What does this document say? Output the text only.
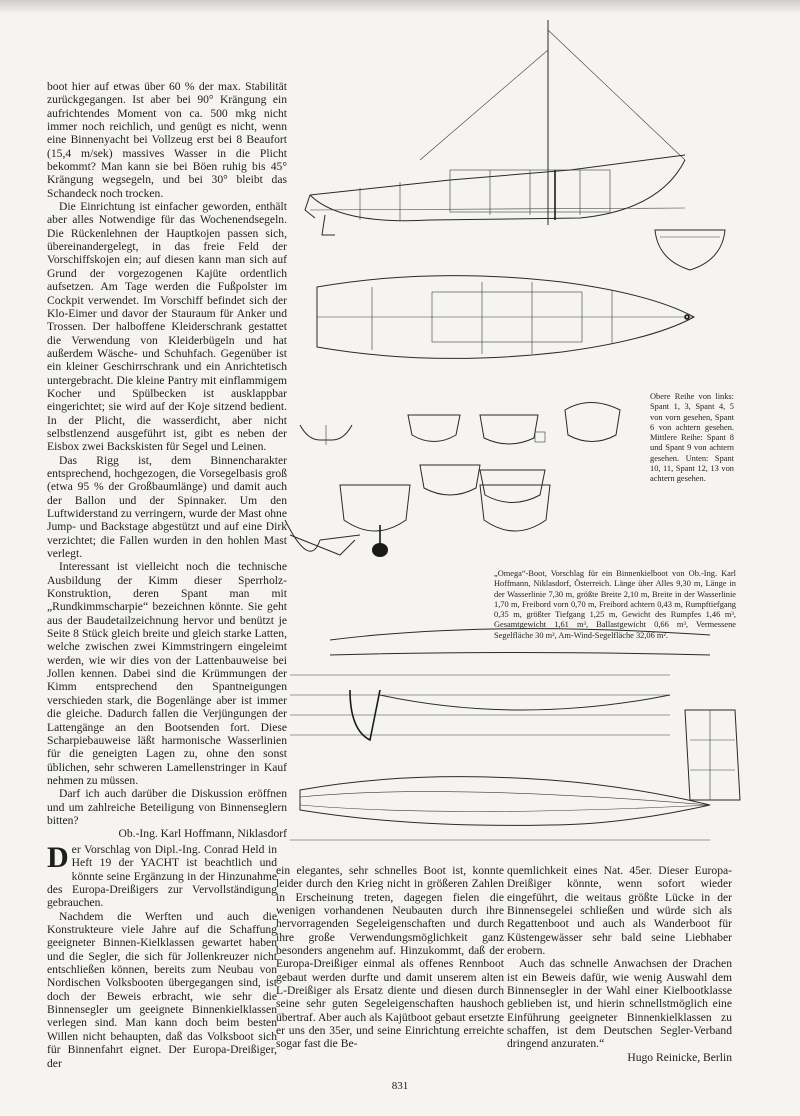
boot hier auf etwas über 60 % der max. Stabilität zurückgegangen. Ist aber bei 90° Krängung ein aufrichtendes Moment von ca. 500 mkg nicht immer noch reichlich, und genügt es nicht, wenn eine Binnenyacht bei Vollzeug erst bei 8 Beaufort (15,4 m/sek) massives Wasser in die Plicht bekommt? Man kann sie bei Böen ruhig bis 45° Krängung wegsegeln, und bei 30° bleibt das Schandeck noch trocken.

Die Einrichtung ist einfacher geworden, enthält aber alles Notwendige für das Wochenendsegeln. Die Rückenlehnen der Hauptkojen passen sich, übereinandergelegt, in das freie Feld der Vorschiffskojen ein; auf diesen kann man sich auf Grund der vorgezogenen Kajüte ordentlich aufsetzen. Am Tage werden die Fußpolster im Cockpit verwendet. Im Vorschiff befindet sich der Klo-Eimer und davor der Stauraum für Anker und Trossen. Der halboffene Kleiderschrank gestattet die Verwendung von Kleiderbügeln und hat außerdem Wäsche- und Schuhfach. Gegenüber ist ein kleiner Geschirrschrank und ein Anrichtetisch untergebracht. Die kleine Pantry mit einflammigem Kocher und Spülbecken ist ausklappbar eingerichtet; sie wird auf der Koje sitzend bedient. In der Plicht, die wasserdicht, aber nicht selbstlenzend ausgeführt ist, gibt es neben der Eisbox zwei Backskisten für Segel und Leinen.

Das Rigg ist, dem Binnencharakter entsprechend, hochgezogen, die Vorsegelbasis groß (etwa 95 % der Großbaumlänge) und damit auch der Ballon und der Spinnaker. Um den Luftwiderstand zu verringern, wurde der Mast ohne Jump- und Backstage abgestützt und auf eine Dirk verzichtet; die Fallen wurden in den hohlen Mast verlegt.

Interessant ist vielleicht noch die technische Ausbildung der Kimm dieser Sperrholz-Konstruktion, deren Spant man mit „Rundkimmscharpie“ bezeichnen könnte. Sie geht aus der Baudetailzeichnung hervor und benützt je Seite 8 Stück gleich breite und gleich starke Latten, welche zwischen zwei Kimmstringern eingeleimt werden, wie wir dies von der Lattenbauweise bei Jollen kennen. Dabei sind die Krümmungen der Kimm entsprechend den Spantneigungen verschieden stark, die Bogenlänge aber ist immer die gleiche. Dadurch fallen die Verjüngungen der Lattengänge an den Bootsenden fort. Diese Scharpiebauweise läßt harmonische Wasserlinien für die geneigten Lagen zu, ohne den sonst üblichen, sehr schweren Lamellenstringer in Kauf nehmen zu müssen.

Darf ich auch darüber die Diskussion eröffnen und um zahlreiche Beteiligung von Binnenseglern bitten?

Ob.-Ing. Karl Hoffmann, Niklasdorf

Obere Reihe von links: Spant 1, 3, Spant 4, 5 von vorn gesehen, Spant 6 von achtern gesehen. Mittlere Reihe: Spant 8 und Spant 9 von achtern gesehen. Unten: Spant 10, 11, Spant 12, 13 von achtern gesehen.
„Omega“-Boot, Vorschlag für ein Binnenkielboot von Ob.-Ing. Karl Hoffmann, Niklasdorf, Österreich. Länge über Alles 9,30 m, Länge in der Wasserlinie 7,30 m, größte Breite 2,10 m, Breite in der Wasserlinie 1,70 m, Freibord vorn 0,70 m, Freibord achtern 0,43 m, Rumpftiefgang 0,35 m, größter Tiefgang 1,25 m, Gewicht des Rumpfes 1,46 m³, Gesamtgewicht 1,61 m³, Ballastgewicht 0,66 m³, Vermessene Segelfläche 30 m², Am-Wind-Segelfläche 32,06 m².

Der Vorschlag von Dipl.-Ing. Conrad Held in Heft 19 der YACHT ist beachtlich und könnte seine Ergänzung in der Hinzunahme des Europa-Dreißigers zur Vervollständigung gebrauchen.

Nachdem die Werften und auch die Konstrukteure viele Jahre auf die Schaffung geeigneter Binnen-Kielklassen gewartet haben und die Segler, die sich für Jollenkreuzer nicht entschließen können, bereits zum Neubau von Nordischen Volksbooten übergegangen sind, ist doch der Beweis erbracht, wie sehr die Binnensegler um geeignete Binnenkielklassen verlegen sind. Man kann doch beim besten Willen nicht behaupten, daß das Volksboot sich für Binnenfahrt eignet. Der Europa-Dreißiger, der

ein elegantes, sehr schnelles Boot ist, konnte leider durch den Krieg nicht in größeren Zahlen in Erscheinung treten, dagegen fielen die wenigen vorhandenen Neubauten durch ihre hervorragenden Segeleigenschaften und durch ihre große Verwendungsmöglichkeit ganz besonders angenehm auf. Hinzukommt, daß der Europa-Dreißiger einmal als offenes Rennboot gebaut werden durfte und damit unserem alten L-Dreißiger als Ersatz diente und diesen durch seine sehr guten Segeleigenschaften haushoch übertraf. Aber auch als Kajütboot gebaut ersetzte er uns den 35er, und seine Einrichtung erreichte sogar fast die Be-

quemlichkeit eines Nat. 45er. Dieser Europa-Dreißiger könnte, wenn sofort wieder eingeführt, die weitaus größte Lücke in der Binnensegelei schließen und würde sich als Regattenboot und auch als Wanderboot für Küstengewässer sehr bald seine Liebhaber erobern.

Auch das schnelle Anwachsen der Drachen ist ein Beweis dafür, wie wenig Auswahl dem Binnensegler in der Wahl einer Kielbootklasse geblieben ist, und hierin schnellstmöglich eine Einführung geeigneter Binnenkielklassen zu schaffen, ist dem Deutschen Segler-Verband dringend anzuraten.“

Hugo Reinicke, Berlin

831
